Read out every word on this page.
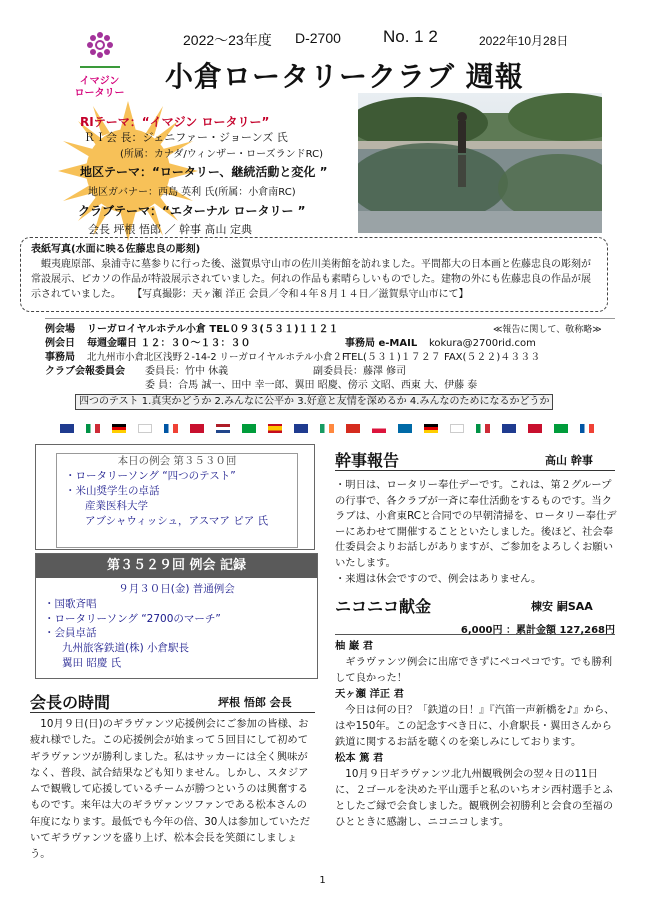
イマジン
ロータリー
2022～23年度 D-2700 No. 1 2	2022年10月28日
小倉ロータリークラブ 週報
RIテーマ：“イマジン ロータリー”
ＲＩ会 長：ジェニファー・ジョーンズ 氏
(所属：カナダ/ウィンザー・ローズランドRC)
地区テーマ：“ロータリー、継続活動と変化 ”
地区ガバナー：西島 英利 氏(所属：小倉南RC)
クラブテーマ：“エターナル ロータリー ”
会長 坪根 悟郎 ／ 幹事 髙山 定典
表紙写真(水面に映る佐藤忠良の彫刻)
蝦夷鹿原部、泉浦寺に墓参りに行った後、滋賀県守山市の佐川美術館を訪れました。平間都大の日本画と佐藤忠良の彫刻が常設展示、ピカソの作品が特設展示されていました。何れの作品も素晴らしいものでした。建物の外にも佐藤忠良の作品が展示されていました。 【写真撮影：天ヶ瀬 洋正 会員／令和４年８月１４日／滋賀県守山市にて】
例会場 リーガロイヤルホテル小倉 TEL０９３(５３１)１１２１	≪報告に関して、敬称略≫
例会日 毎週金曜日 １２：３０～１３：３０	事務局 e-MAIL kokura@2700rid.com
事務局 北九州市小倉北区浅野２-14-2 リーガロイヤルホテル小倉２F
TEL(５３１)１７２７ FAX(５２２)４３３３
クラブ会報委員会 委員長：竹中 休義	副委員長：藤澤 修司
委 員：合馬 誠一、田中 幸一郎、翼田 昭慶、傍示 文昭、西東 大、伊藤 泰
四つのテスト 1.真実かどうか 2.みんなに公平か 3.好意と友情を深めるか 4.みんなのためになるかどうか
本日の例会 第３５３０回
・ロータリーソング “四つのテスト”
・米山奨学生の卓話
産業医科大学
アブシャウィッシュ，アスマア ピア 氏
第３５２９回 例会 記録
９月３０日(金) 普通例会
・国歌斉唱
・ロータリーソング “2700のマーチ”
・会員卓話
九州旅客鉄道(株) 小倉駅長
翼田 昭慶 氏
会長の時間	坪根 悟郎 会長
10月９日(日)のギラヴァンツ応援例会にご参加の皆様、お疲れ様でした。この応援例会が始まって５回目にして初めてギラヴァンツが勝利しました。私はサッカーには全く興味がなく、普段、試合結果なども知りません。しかし、スタジアムで観戦して応援しているチームが勝つというのは興奮するものです。来年は大のギラヴァンツファンである松本さんの年度になります。最低でも今年の倍、30人は参加していただいてギラヴァンツを盛り上げ、松本会長を笑顔にしましょう。
幹事報告	高山 幹事
・明日は、ロータリー奉仕デーです。これは、第２グループの行事で、各クラブが一斉に奉仕活動をするものです。当クラブは、小倉東RCと合同での早朝清掃を、ロータリー奉仕デーにあわせて開催することといたしました。後ほど、社会奉仕委員会よりお話しがありますが、ご参加をよろしくお願いいたします。
・来週は休会ですので、例会はありません。
ニコニコ献金	棟安 嗣SAA
6,000円 ：累計金額 127,268円
柚 巌 君
ギラヴァンツ例会に出席できずにペコペコです。でも勝利して良かった！
天ヶ瀬 洋正 君
今日は何の日？「鉄道の日！』『汽笛一声新橋を♪』から、はや150年。この記念すべき日に、小倉駅長・翼田さんから鉄道に関するお話を聴くのを楽しみにしております。
松本 篤 君
10月９日ギラヴァンツ北九州観戦例会の翌々日の11日に、２ゴールを決めた平山選手と私のいちオシ西村選手とふとしたご縁で会食しました。観戦例会初勝利と会食の至福のひとときに感謝し、ニコニコします。
1
